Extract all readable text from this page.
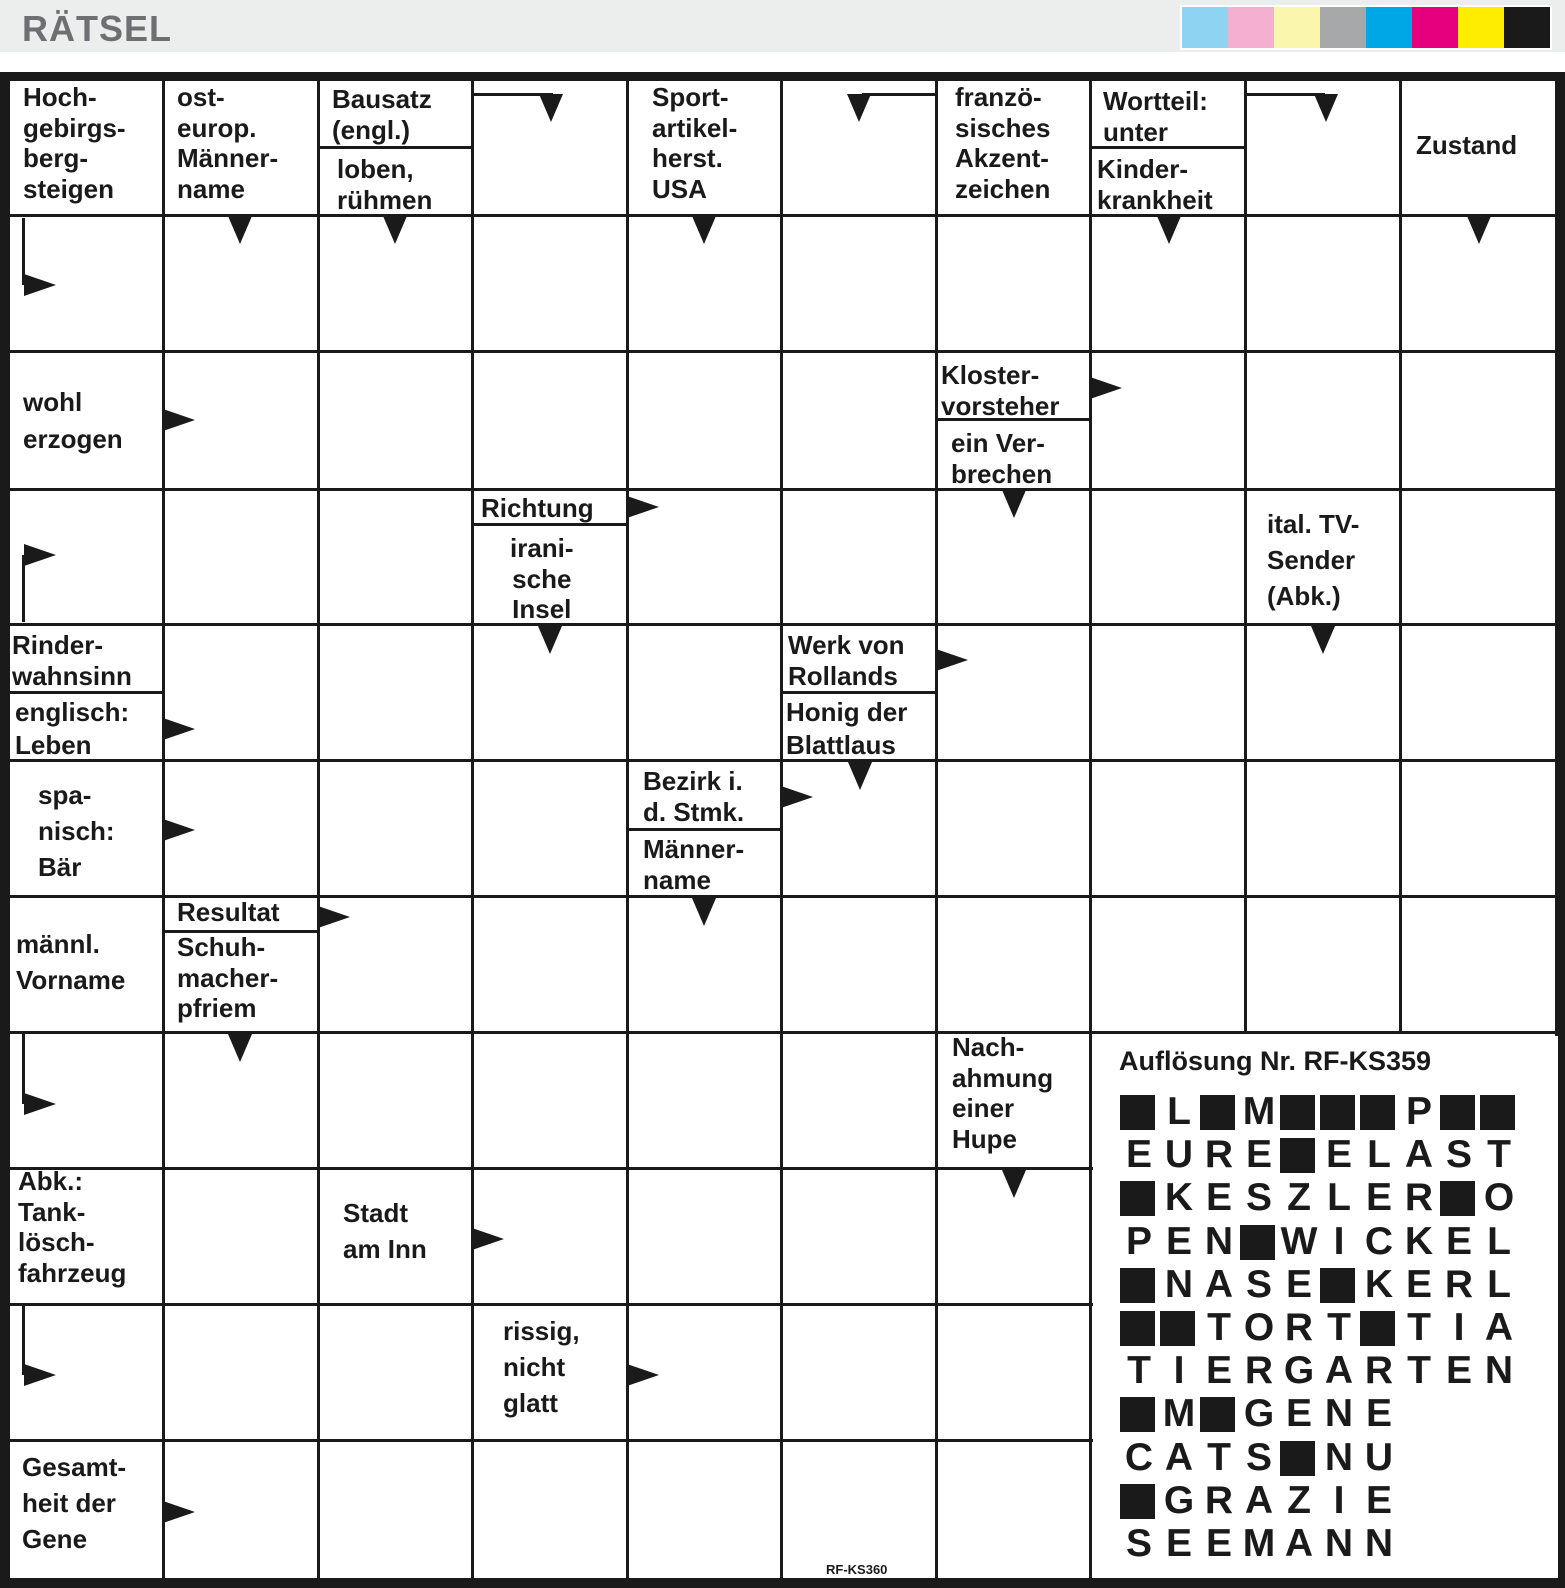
RÄTSEL
Hoch-
gebirgs-
berg-
steigen
ost-
europ.
Männer-
name
Bausatz
(engl.)
loben,
rühmen
Sport-
artikel-
herst.
USA
franzö-
sisches
Akzent-
zeichen
Wortteil:
unter
Kinder-
krankheit
Zustand
wohl
erzogen
Kloster-
vorsteher
ein Ver-
brechen
Richtung
irani-
sche
Insel
ital. TV-
Sender
(Abk.)
Rinder-
wahnsinn
englisch:
Leben
Werk von
Rollands
Honig der
Blattlaus
spa-
nisch:
Bär
Bezirk i.
d. Stmk.
Männer-
name
männl.
Vorname
Resultat
Schuh-
macher-
pfriem
Nach-
ahmung
einer
Hupe
Abk.:
Tank-
lösch-
fahrzeug
Stadt
am Inn
rissig,
nicht
glatt
Gesamt-
heit der
Gene
Auflösung Nr. RF-KS359
L M	P
E U R E E L A S T
K E S Z L E R O
P E N W I C K E L
N A S E K E R L
T O R T T I A
T I E R G A R T E N
M G E N E
C A T S N U
G R A Z I E
S E E M A N N
RF-KS360
